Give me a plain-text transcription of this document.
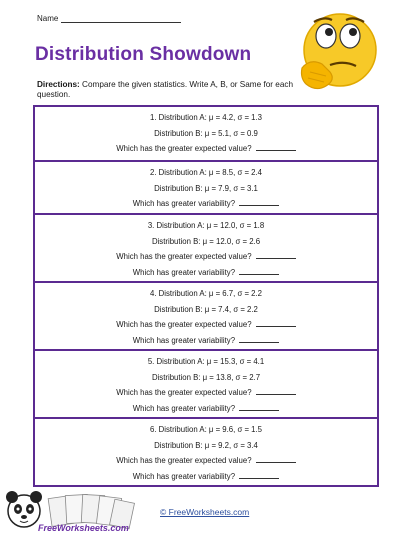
Name
Distribution Showdown
Directions: Compare the given statistics. Write A, B, or Same for each question.
1. Distribution A: μ = 4.2, σ = 1.3
Distribution B: μ = 5.1, σ = 0.9
Which has the greater expected value?
2. Distribution A: μ = 8.5, σ = 2.4
Distribution B: μ = 7.9, σ = 3.1
Which has greater variability?
3. Distribution A: μ = 12.0, σ = 1.8
Distribution B: μ = 12.0, σ = 2.6
Which has the greater expected value?
Which has greater variability?
4. Distribution A: μ = 6.7, σ = 2.2
Distribution B: μ = 7.4, σ = 2.2
Which has the greater expected value?
Which has greater variability?
5. Distribution A: μ = 15.3, σ = 4.1
Distribution B: μ = 13.8, σ = 2.7
Which has the greater expected value?
Which has greater variability?
6. Distribution A: μ = 9.6, σ = 1.5
Distribution B: μ = 9.2, σ = 3.4
Which has the greater expected value?
Which has greater variability?
FreeWorksheets.com
© FreeWorksheets.com
